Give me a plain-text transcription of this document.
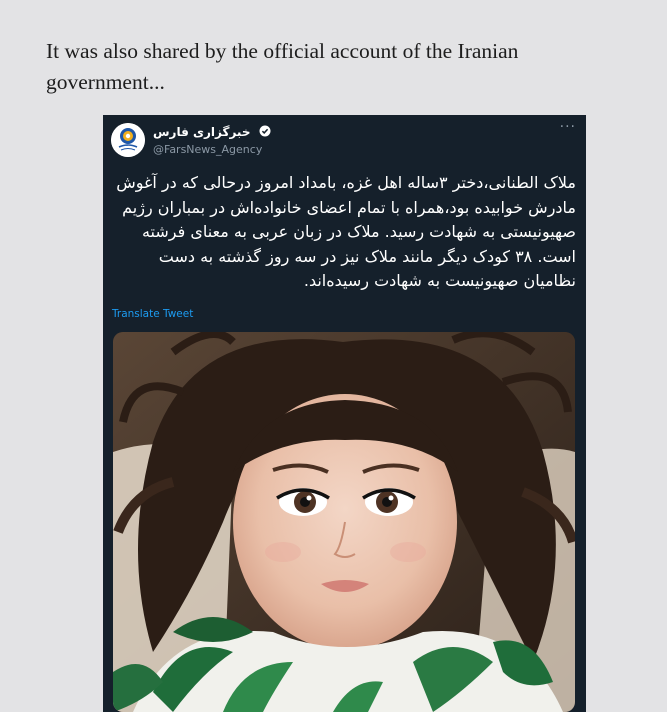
It was also shared by the official account of the Iranian government...
خبرگزاری فارس
@FarsNews_Agency
···
ملاک الطنانی،دختر ۳ساله اهل غزه، بامداد امروز درحالی که در آغوش مادرش خوابیده بود،همراه با تمام اعضای خانواده‌اش در بمباران رژیم صهیونیستی به شهادت رسید. ملاک در زبان عربی به معنای فرشته است. ۳۸ کودک دیگر مانند ملاک نیز در سه روز گذشته به دست نظامیان صهیونیست به شهادت رسیده‌اند.
Translate Tweet
